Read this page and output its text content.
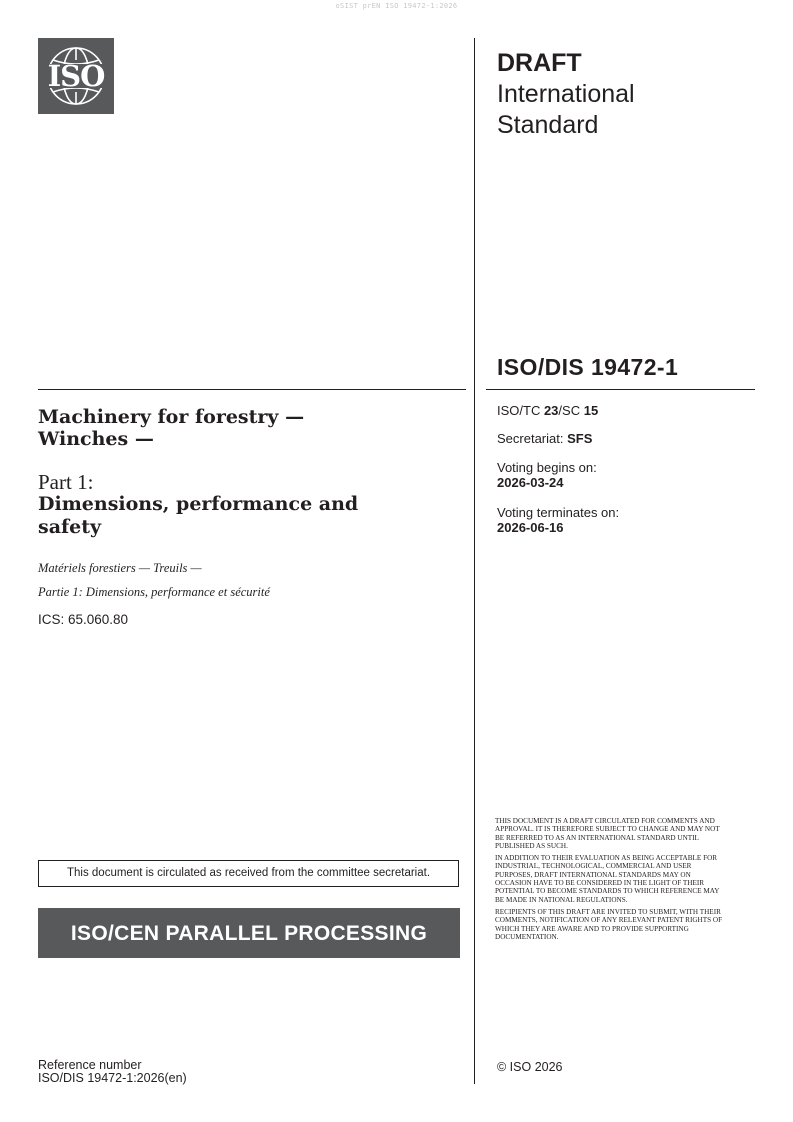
oSIST prEN ISO 19472-1:2026
ISO	DRAFT
International
Standard
ISO/DIS 19472-1
ISO/TC 23/SC 15
Secretariat: SFS
Voting begins on:
2026-03-24
Voting terminates on:
2026-06-16
Machinery for forestry —
Winches —
Part 1:
Dimensions, performance and
safety
Matériels forestiers — Treuils —
Partie 1: Dimensions, performance et sécurité
ICS: 65.060.80
This document is circulated as received from the committee secretariat.
ISO/CEN PARALLEL PROCESSING
Reference number
ISO/DIS 19472-1:2026(en)

THIS DOCUMENT IS A DRAFT CIRCULATED FOR COMMENTS AND APPROVAL. IT IS THEREFORE SUBJECT TO CHANGE AND MAY NOT BE REFERRED TO AS AN INTERNATIONAL STANDARD UNTIL PUBLISHED AS SUCH.

IN ADDITION TO THEIR EVALUATION AS BEING ACCEPTABLE FOR INDUSTRIAL, TECHNOLOGICAL, COMMERCIAL AND USER PURPOSES, DRAFT INTERNATIONAL STANDARDS MAY ON OCCASION HAVE TO BE CONSIDERED IN THE LIGHT OF THEIR POTENTIAL TO BECOME STANDARDS TO WHICH REFERENCE MAY BE MADE IN NATIONAL REGULATIONS.

RECIPIENTS OF THIS DRAFT ARE INVITED TO SUBMIT, WITH THEIR COMMENTS, NOTIFICATION OF ANY RELEVANT PATENT RIGHTS OF WHICH THEY ARE AWARE AND TO PROVIDE SUPPORTING DOCUMENTATION.

© ISO 2026
